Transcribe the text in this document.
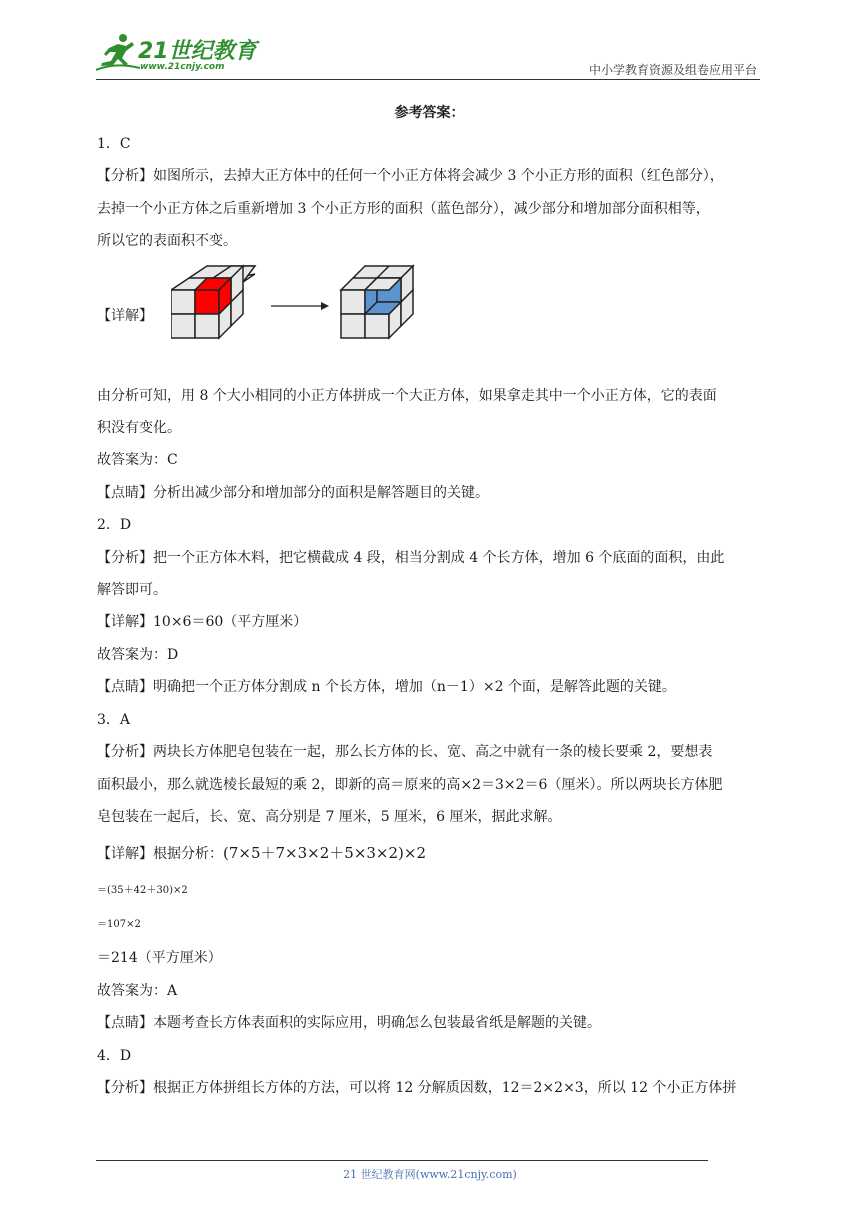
21世纪教育
www.21cnjy.com	中小学教育资源及组卷应用平台
参考答案：
1．C
【分析】如图所示，去掉大正方体中的任何一个小正方体将会减少 3 个小正方形的面积（红色部分），
去掉一个小正方体之后重新增加 3 个小正方形的面积（蓝色部分），减少部分和增加部分面积相等，
所以它的表面积不变。
【详解】
由分析可知，用 8 个大小相同的小正方体拼成一个大正方体，如果拿走其中一个小正方体，它的表面
积没有变化。
故答案为：C
【点睛】分析出减少部分和增加部分的面积是解答题目的关键。
2．D
【分析】把一个正方体木料，把它横截成 4 段，相当分割成 4 个长方体，增加 6 个底面的面积，由此
解答即可。
【详解】10×6＝60（平方厘米）
故答案为：D
【点睛】明确把一个正方体分割成 n 个长方体，增加（n－1）×2 个面，是解答此题的关键。
3．A
【分析】两块长方体肥皂包装在一起，那么长方体的长、宽、高之中就有一条的棱长要乘 2，要想表
面积最小，那么就选棱长最短的乘 2，即新的高＝原来的高×2＝3×2＝6（厘米）。所以两块长方体肥
皂包装在一起后，长、宽、高分别是 7 厘米，5 厘米，6 厘米，据此求解。
【详解】根据分析：(7×5＋7×3×2＋5×3×2)×2
＝(35＋42＋30)×2
＝107×2
＝214（平方厘米）
故答案为：A
【点睛】本题考查长方体表面积的实际应用，明确怎么包装最省纸是解题的关键。
4．D
【分析】根据正方体拼组长方体的方法，可以将 12 分解质因数，12＝2×2×3，所以 12 个小正方体拼
21 世纪教育网(www.21cnjy.com)
